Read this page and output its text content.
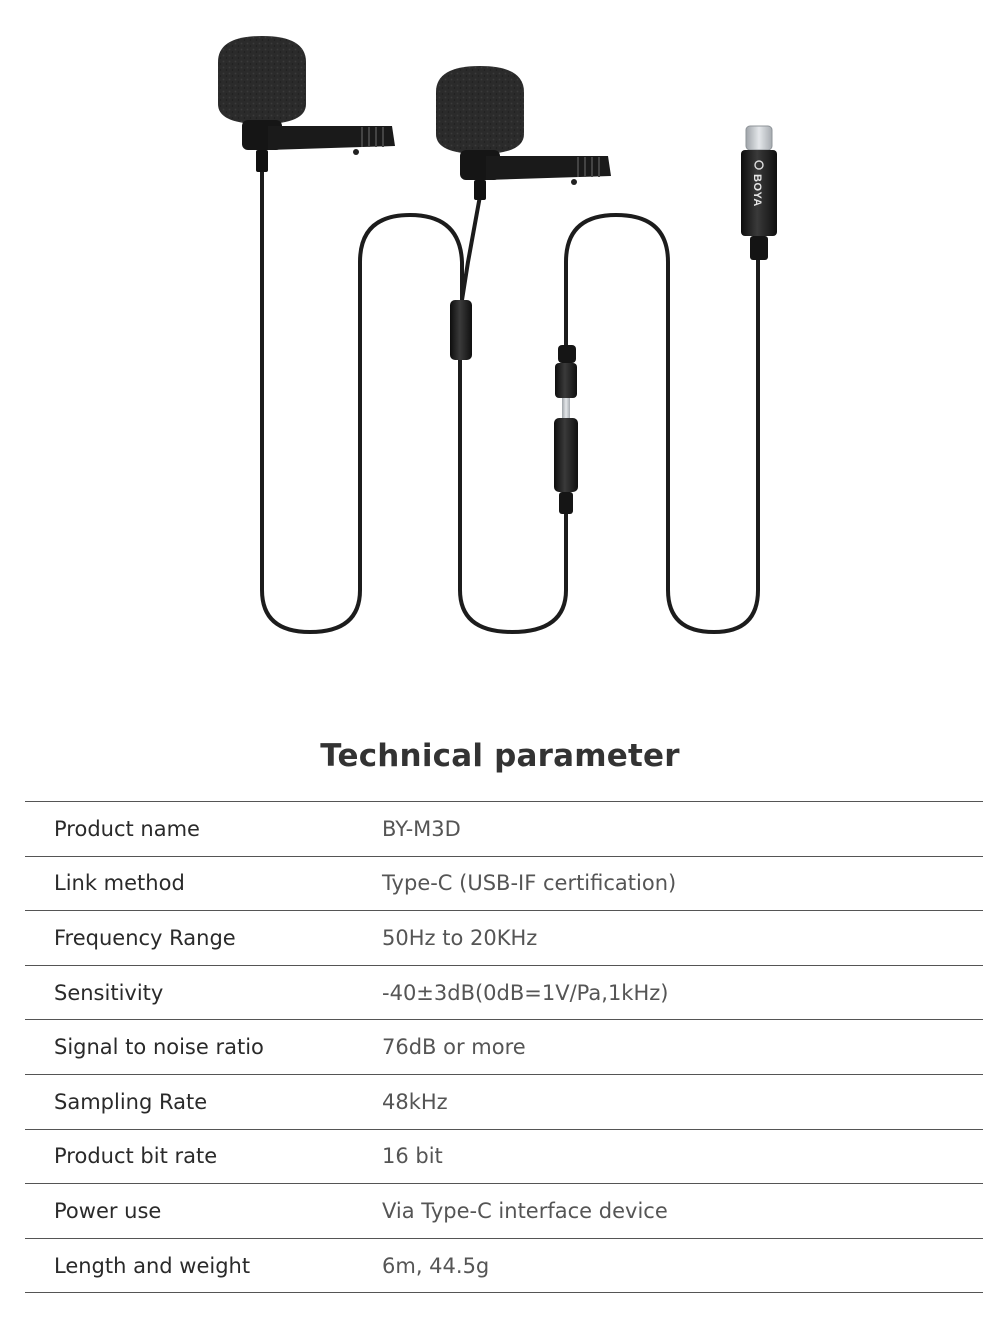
BOYA
Technical parameter
Product name	BY-M3D
Link method	Type-C (USB-IF certification)
Frequency Range	50Hz to 20KHz
Sensitivity	-40±3dB(0dB=1V/Pa,1kHz)
Signal to noise ratio	76dB or more
Sampling Rate	48kHz
Product bit rate	16 bit
Power use	Via Type-C interface device
Length and weight	6m, 44.5g
